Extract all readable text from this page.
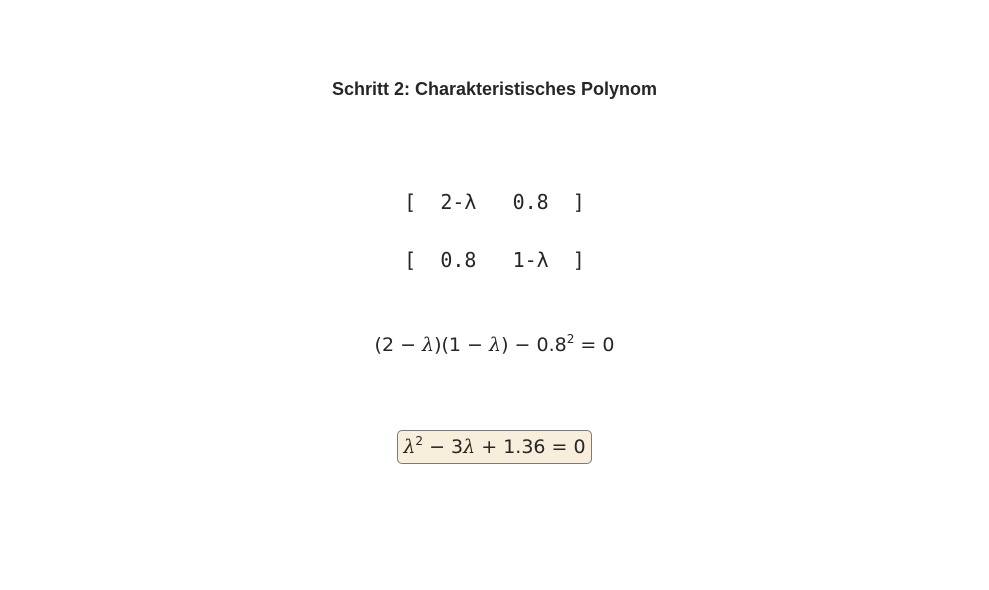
Schritt 2: Charakteristisches Polynom
[ 2-λ 0.8 ]
[ 0.8 1-λ ]
$(2 - \lambda)(1 - \lambda) - 0.8^2 = 0$
$\lambda^2 - 3\lambda + 1.36 = 0$
